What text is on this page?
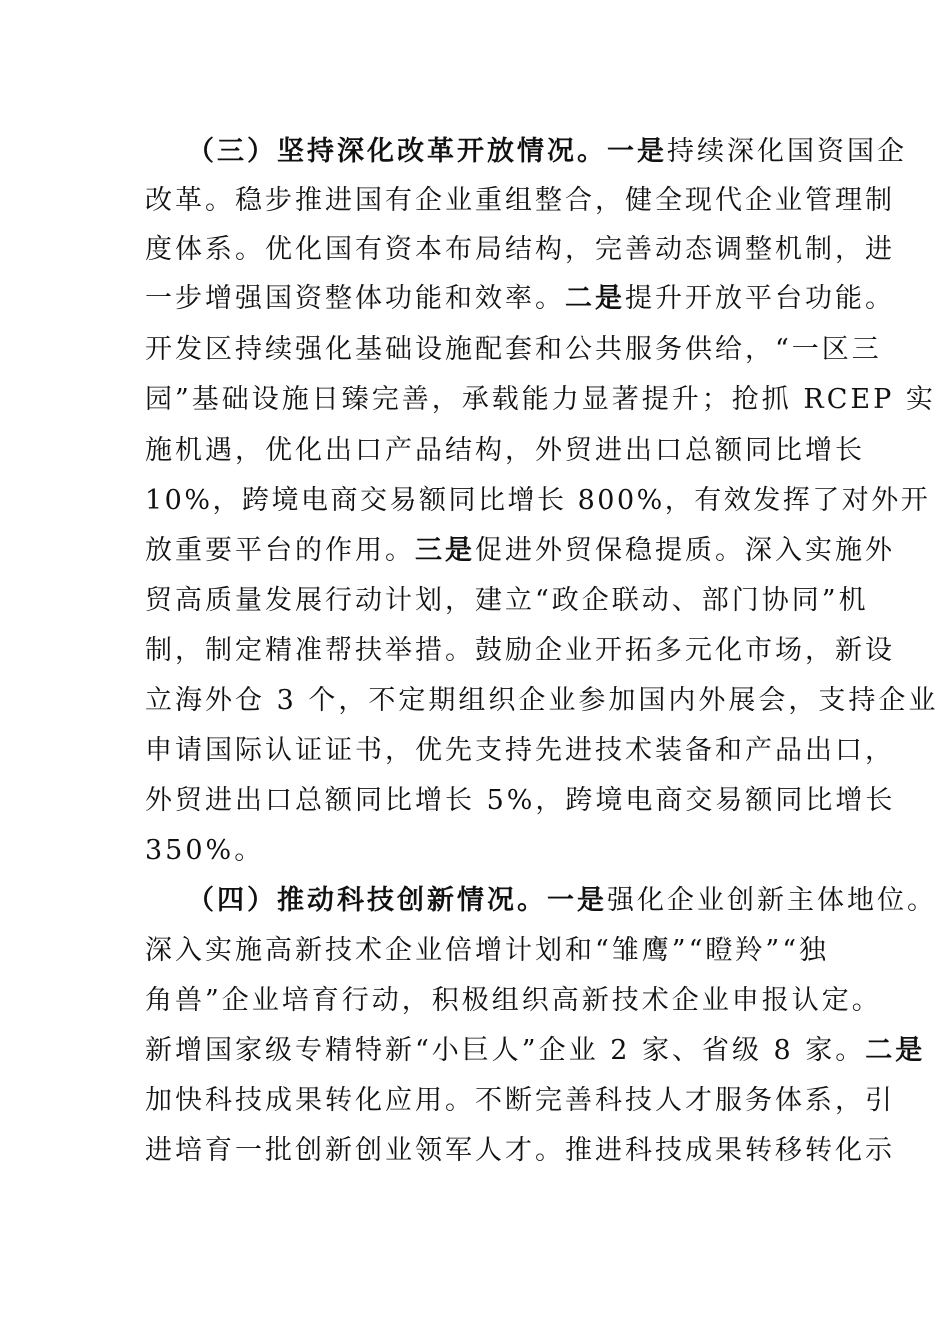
（三）坚持深化改革开放情况。一是持续深化国资国企
改革。稳步推进国有企业重组整合，健全现代企业管理制
度体系。优化国有资本布局结构，完善动态调整机制，进
一步增强国资整体功能和效率。二是提升开放平台功能。
开发区持续强化基础设施配套和公共服务供给，“一区三
园”基础设施日臻完善，承载能力显著提升；抢抓 RCEP 实
施机遇，优化出口产品结构，外贸进出口总额同比增长
10%，跨境电商交易额同比增长 800%，有效发挥了对外开
放重要平台的作用。三是促进外贸保稳提质。深入实施外
贸高质量发展行动计划，建立“政企联动、部门协同”机
制，制定精准帮扶举措。鼓励企业开拓多元化市场，新设
立海外仓 3 个，不定期组织企业参加国内外展会，支持企业
申请国际认证证书，优先支持先进技术装备和产品出口，
外贸进出口总额同比增长 5%，跨境电商交易额同比增长
350%。
（四）推动科技创新情况。一是强化企业创新主体地位。
深入实施高新技术企业倍增计划和“雏鹰”“瞪羚”“独
角兽”企业培育行动，积极组织高新技术企业申报认定。
新增国家级专精特新“小巨人”企业 2 家、省级 8 家。二是
加快科技成果转化应用。不断完善科技人才服务体系，引
进培育一批创新创业领军人才。推进科技成果转移转化示
